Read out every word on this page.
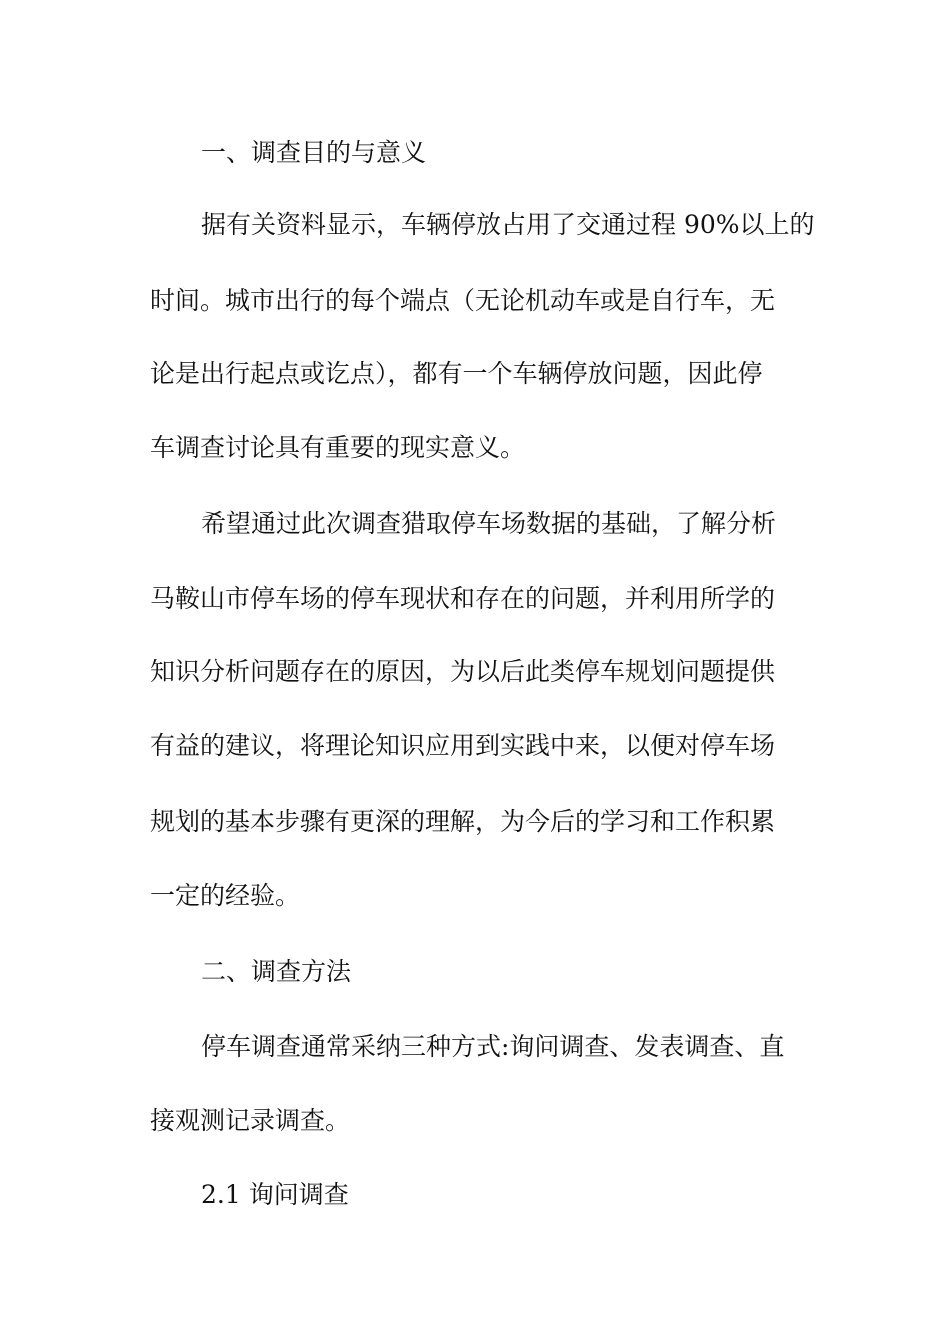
一、调查目的与意义
据有关资料显示，车辆停放占用了交通过程 90%以上的
时间。城市出行的每个端点（无论机动车或是自行车，无
论是出行起点或讫点），都有一个车辆停放问题，因此停
车调查讨论具有重要的现实意义。
希望通过此次调查猎取停车场数据的基础，了解分析
马鞍山市停车场的停车现状和存在的问题，并利用所学的
知识分析问题存在的原因，为以后此类停车规划问题提供
有益的建议，将理论知识应用到实践中来，以便对停车场
规划的基本步骤有更深的理解，为今后的学习和工作积累
一定的经验。
二、调查方法
停车调查通常采纳三种方式:询问调查、发表调查、直
接观测记录调查。
2.1 询问调查
